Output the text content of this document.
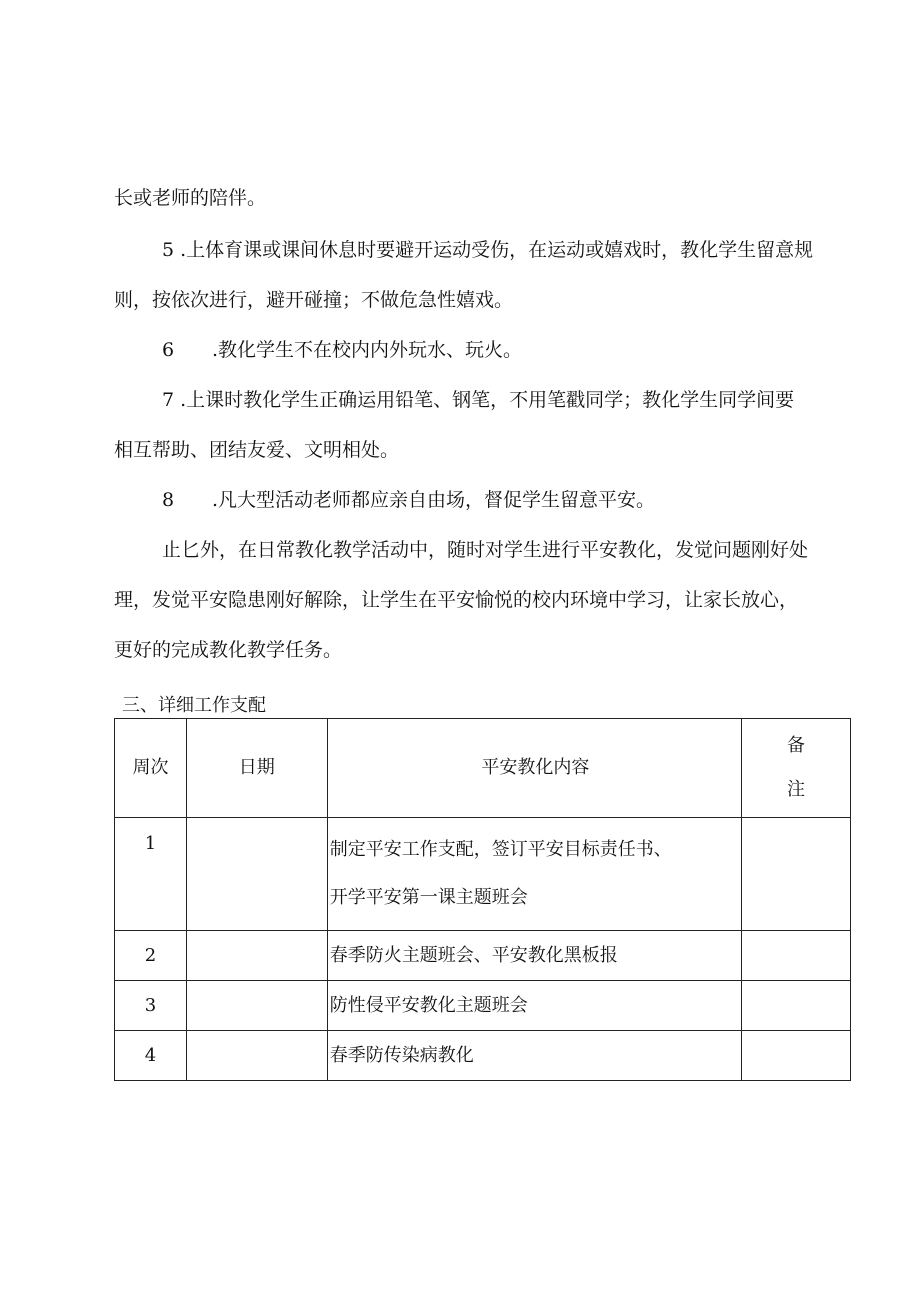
长或老师的陪伴。
5 .上体育课或课间休息时要避开运动受伤，在运动或嬉戏时，教化学生留意规
则，按依次进行，避开碰撞；不做危急性嬉戏。
6 .教化学生不在校内内外玩水、玩火。
7 .上课时教化学生正确运用铅笔、钢笔，不用笔戳同学；教化学生同学间要
相互帮助、团结友爱、文明相处。
8 .凡大型活动老师都应亲自由场，督促学生留意平安。
止匕外，在日常教化教学活动中，随时对学生进行平安教化，发觉问题刚好处
理，发觉平安隐患刚好解除，让学生在平安愉悦的校内环境中学习，让家长放心，
更好的完成教化教学任务。
三、详细工作支配
周次	日期	平安教化内容	备
注

1		制定平安工作支配，签订平安目标责任书、
开学平安第一课主题班会	

2		春季防火主题班会、平安教化黑板报	
3		防性侵平安教化主题班会	
4		春季防传染病教化	
